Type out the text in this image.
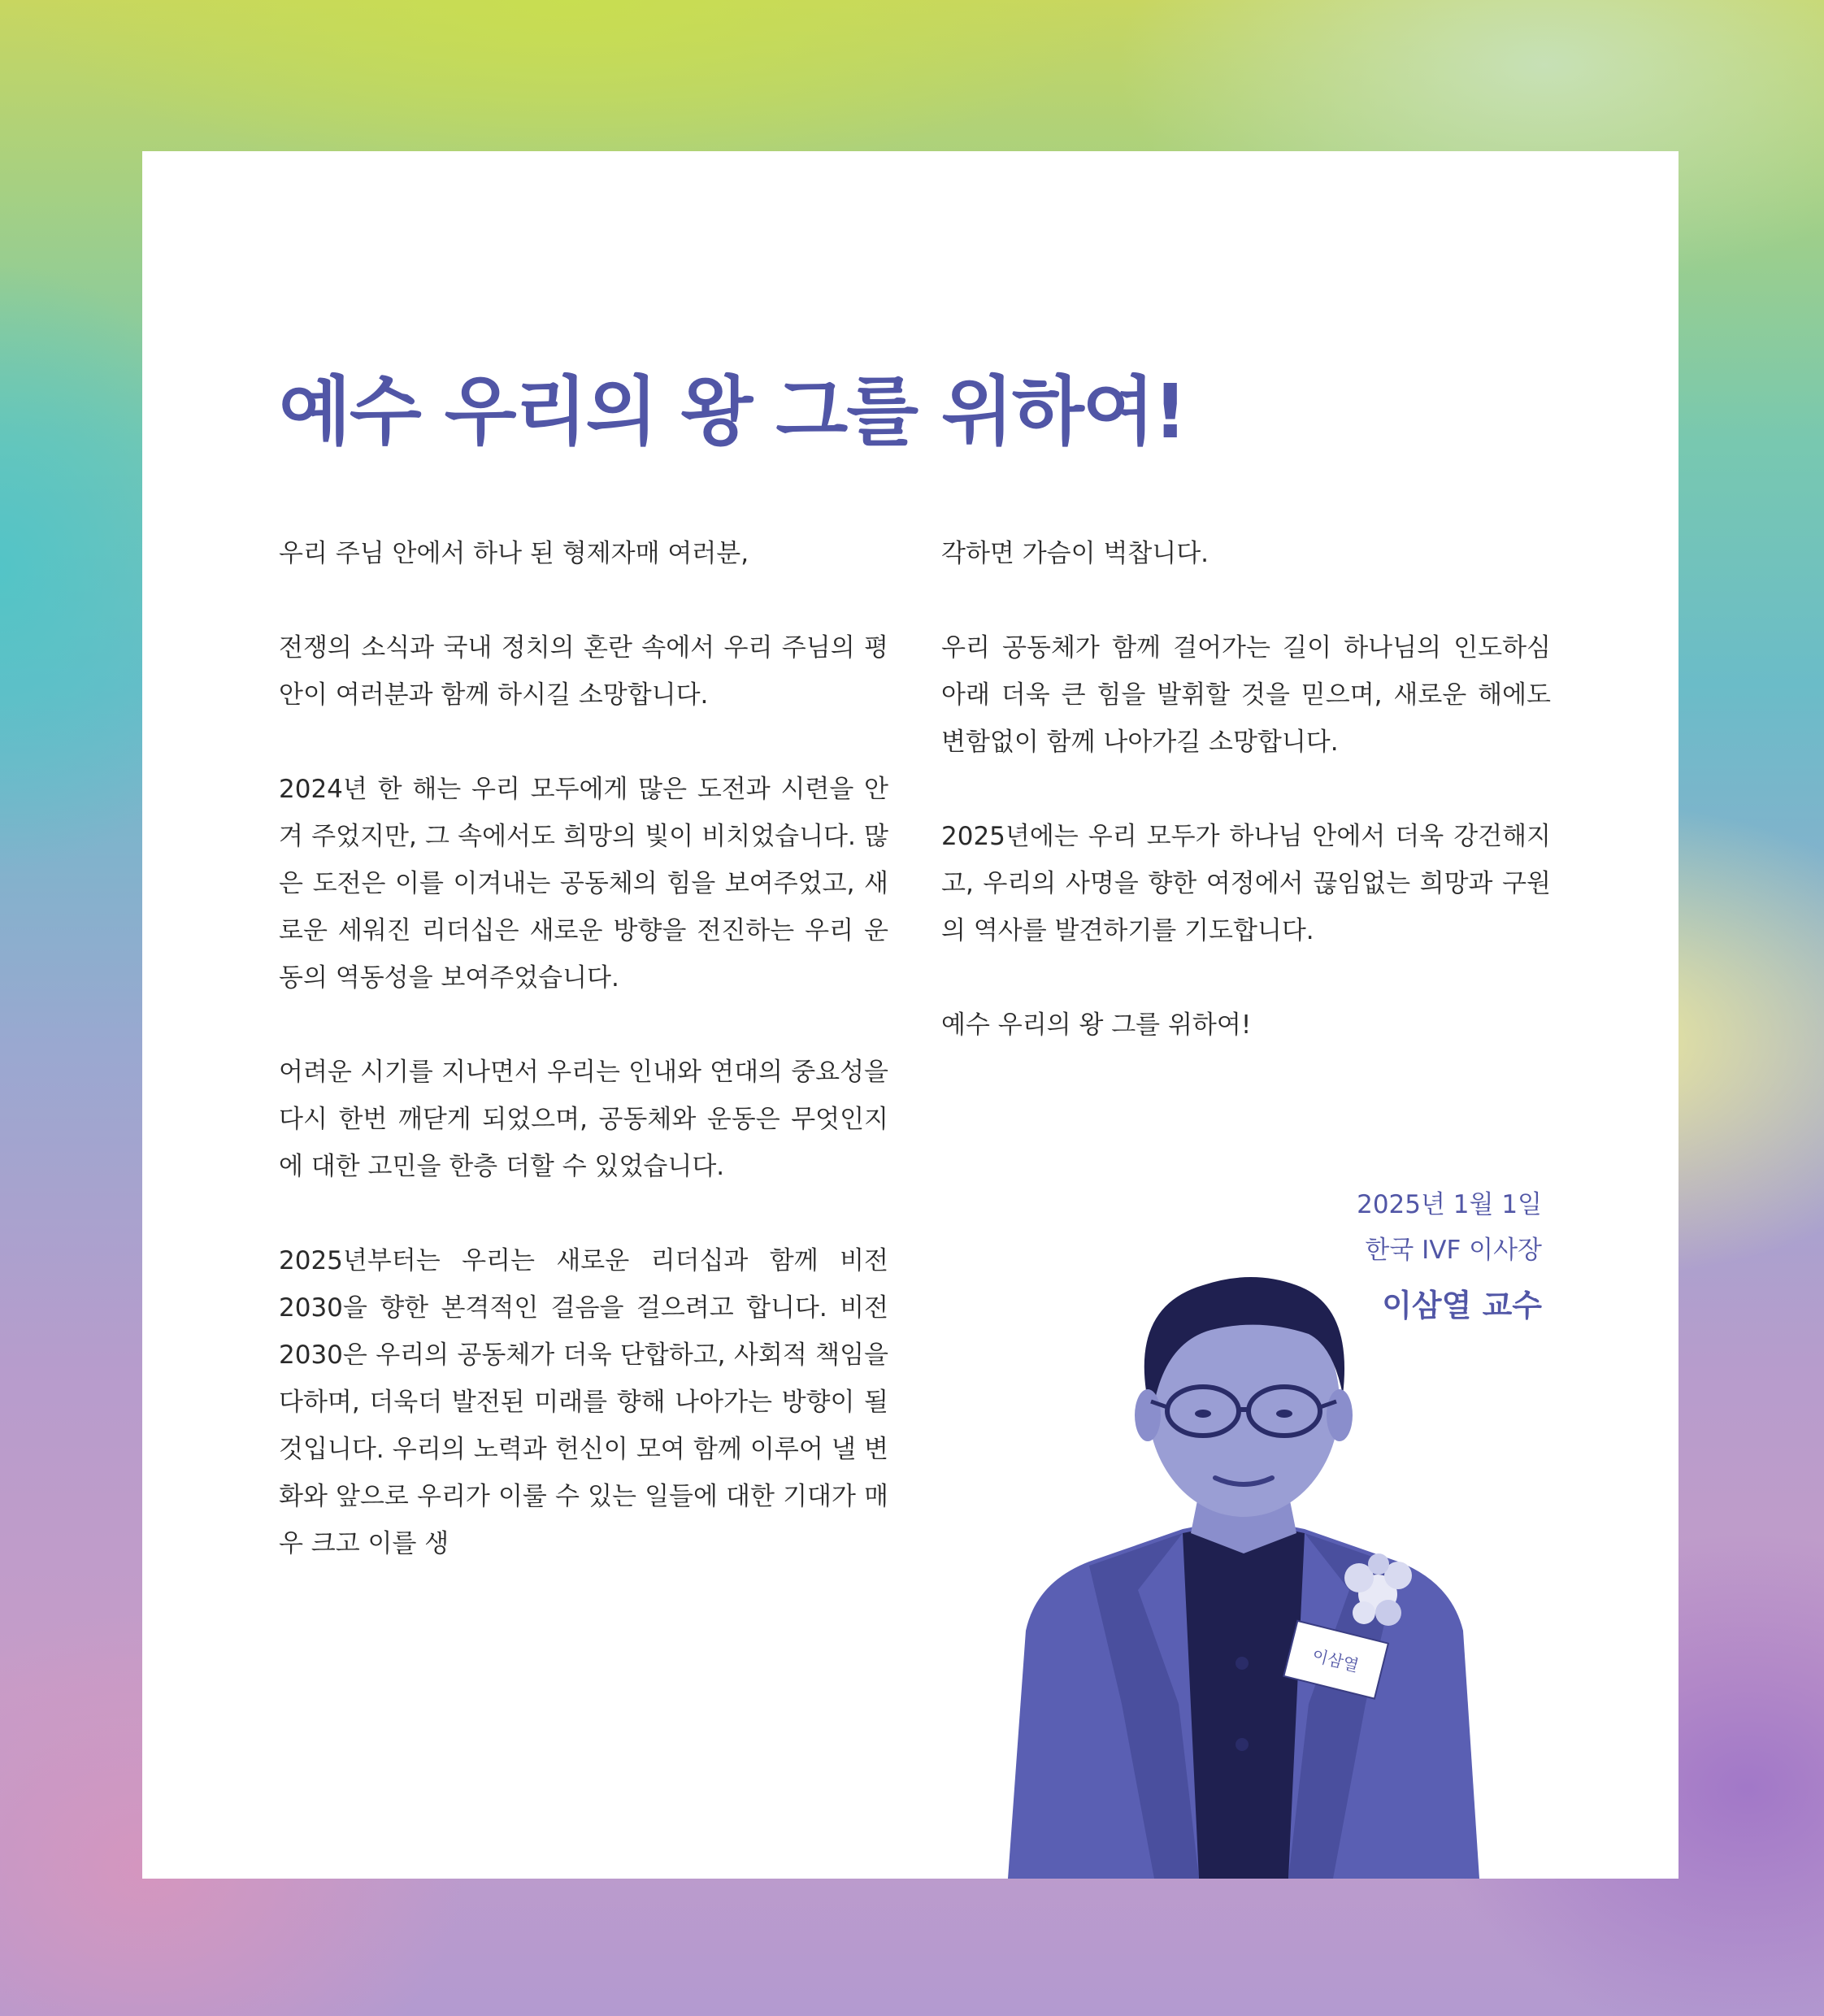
예수 우리의 왕 그를 위하여!

우리 주님 안에서 하나 된 형제자매 여러분,

전쟁의 소식과 국내 정치의 혼란 속에서 우리 주님의 평안이 여러분과 함께 하시길 소망합니다.

2024년 한 해는 우리 모두에게 많은 도전과 시련을 안겨 주었지만, 그 속에서도 희망의 빛이 비치었습니다. 많은 도전은 이를 이겨내는 공동체의 힘을 보여주었고, 새로운 세워진 리더십은 새로운 방향을 전진하는 우리 운동의 역동성을 보여주었습니다.

어려운 시기를 지나면서 우리는 인내와 연대의 중요성을 다시 한번 깨닫게 되었으며, 공동체와 운동은 무엇인지에 대한 고민을 한층 더할 수 있었습니다.

2025년부터는 우리는 새로운 리더십과 함께 비전 2030을 향한 본격적인 걸음을 걸으려고 합니다. 비전 2030은 우리의 공동체가 더욱 단합하고, 사회적 책임을 다하며, 더욱더 발전된 미래를 향해 나아가는 방향이 될 것입니다. 우리의 노력과 헌신이 모여 함께 이루어 낼 변화와 앞으로 우리가 이룰 수 있는 일들에 대한 기대가 매우 크고 이를 생

각하면 가슴이 벅찹니다.

우리 공동체가 함께 걸어가는 길이 하나님의 인도하심 아래 더욱 큰 힘을 발휘할 것을 믿으며, 새로운 해에도 변함없이 함께 나아가길 소망합니다.

2025년에는 우리 모두가 하나님 안에서 더욱 강건해지고, 우리의 사명을 향한 여정에서 끊임없는 희망과 구원의 역사를 발견하기를 기도합니다.

예수 우리의 왕 그를 위하여!

2025년 1월 1일
한국 IVF 이사장
이삼열 교수
이삼열
